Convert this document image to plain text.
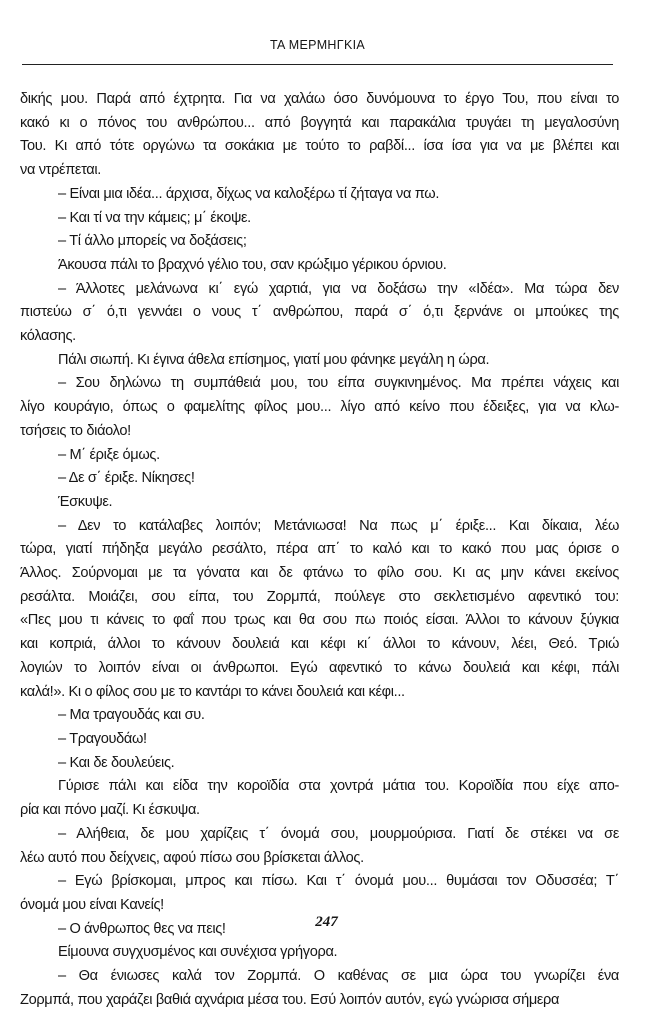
ΤΑ ΜΕΡΜΗΓΚΙΑ
δικής μου. Παρά από έχτρητα. Για να χαλάω όσο δυνόμουνα το έργο Του, που είναι το
κακό κι ο πόνος του ανθρώπου... από βογγητά και παρακάλια τρυγάει τη μεγαλοσύνη
Του. Κι από τότε οργώνω τα σοκάκια με τούτο το ραβδί... ίσα ίσα για να με βλέπει και
να ντρέπεται.
– Είναι μια ιδέα... άρχισα, δίχως να καλοξέρω τί ζήταγα να πω.
– Και τί να την κάμεις; μ΄ έκοψε.
– Τί άλλο μπορείς να δοξάσεις;
Άκουσα πάλι το βραχνό γέλιο του, σαν κρώξιμο γέρικου όρνιου.
– Άλλοτες μελάνωνα κι΄ εγώ χαρτιά, για να δοξάσω την «Ιδέα». Μα τώρα δεν
πιστεύω σ΄ ό,τι γεννάει ο νους τ΄ ανθρώπου, παρά σ΄ ό,τι ξερνάνε οι μπούκες της
κόλασης.
Πάλι σιωπή. Κι έγινα άθελα επίσημος, γιατί μου φάνηκε μεγάλη η ώρα.
– Σου δηλώνω τη συμπάθειά μου, του είπα συγκινημένος. Μα πρέπει νάχεις και
λίγο κουράγιο, όπως ο φαμελίτης φίλος μου... λίγο από κείνο που έδειξες, για να κλω-
τσήσεις το διάολο!
– Μ΄ έριξε όμως.
– Δε σ΄ έριξε. Νίκησες!
Έσκυψε.
– Δεν το κατάλαβες λοιπόν; Μετάνιωσα! Να πως μ΄ έριξε... Και δίκαια, λέω
τώρα, γιατί πήδηξα μεγάλο ρεσάλτο, πέρα απ΄ το καλό και το κακό που μας όρισε ο
Άλλος. Σούρνομαι με τα γόνατα και δε φτάνω το φίλο σου. Κι ας μην κάνει εκείνος
ρεσάλτα. Μοιάζει, σου είπα, του Ζορμπά, πούλεγε στο σεκλετισμένο αφεντικό του:
«Πες μου τι κάνεις το φαΐ που τρως και θα σου πω ποιός είσαι. Άλλοι το κάνουν ξύγκια
και κοπριά, άλλοι το κάνουν δουλειά και κέφι κι΄ άλλοι το κάνουν, λέει, Θεό. Τριώ
λογιών το λοιπόν είναι οι άνθρωποι. Εγώ αφεντικό το κάνω δουλειά και κέφι, πάλι
καλά!». Κι ο φίλος σου με το καντάρι το κάνει δουλειά και κέφι...
– Μα τραγουδάς και συ.
– Τραγουδάω!
– Και δε δουλεύεις.
Γύρισε πάλι και είδα την κοροϊδία στα χοντρά μάτια του. Κοροϊδία που είχε απο-
ρία και πόνο μαζί. Κι έσκυψα.
– Αλήθεια, δε μου χαρίζεις τ΄ όνομά σου, μουρμούρισα. Γιατί δε στέκει να σε
λέω αυτό που δείχνεις, αφού πίσω σου βρίσκεται άλλος.
– Εγώ βρίσκομαι, μπρος και πίσω. Και τ΄ όνομά μου... θυμάσαι τον Οδυσσέα; Τ΄
όνομά μου είναι Κανείς!
– Ο άνθρωπος θες να πεις!
Είμουνα συγχυσμένος και συνέχισα γρήγορα.
– Θα ένιωσες καλά τον Ζορμπά. Ο καθένας σε μια ώρα του γνωρίζει ένα
Ζορμπά, που χαράζει βαθιά αχνάρια μέσα του. Εσύ λοιπόν αυτόν, εγώ γνώρισα σήμερα
247
